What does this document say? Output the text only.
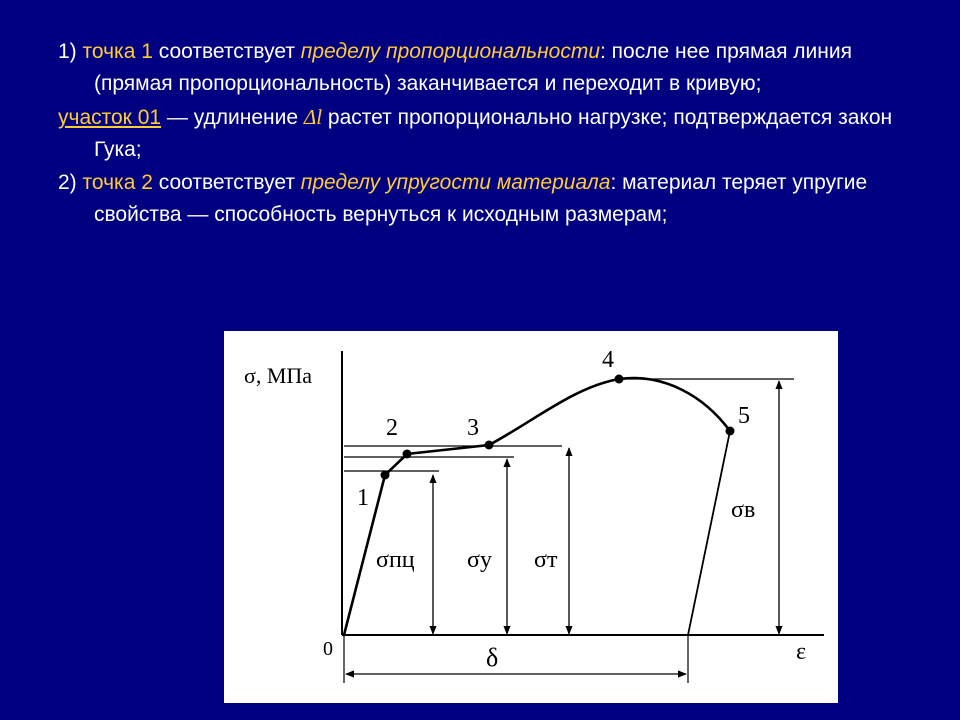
1) точка 1 соответствует пределу пропорциональности: после нее прямая линия (прямая пропорциональность) заканчивается и переходит в кривую;

участок 01 — удлинение Δl растет пропорционально нагрузке; подтверждается закон Гука;

2) точка 2 соответствует пределу упругости материала: материал теряет упругие свойства — способность вернуться к исходным размерам;

σ, МПа
0	ε
1
2	3
4
5
σпц σу σт
σв
δ
